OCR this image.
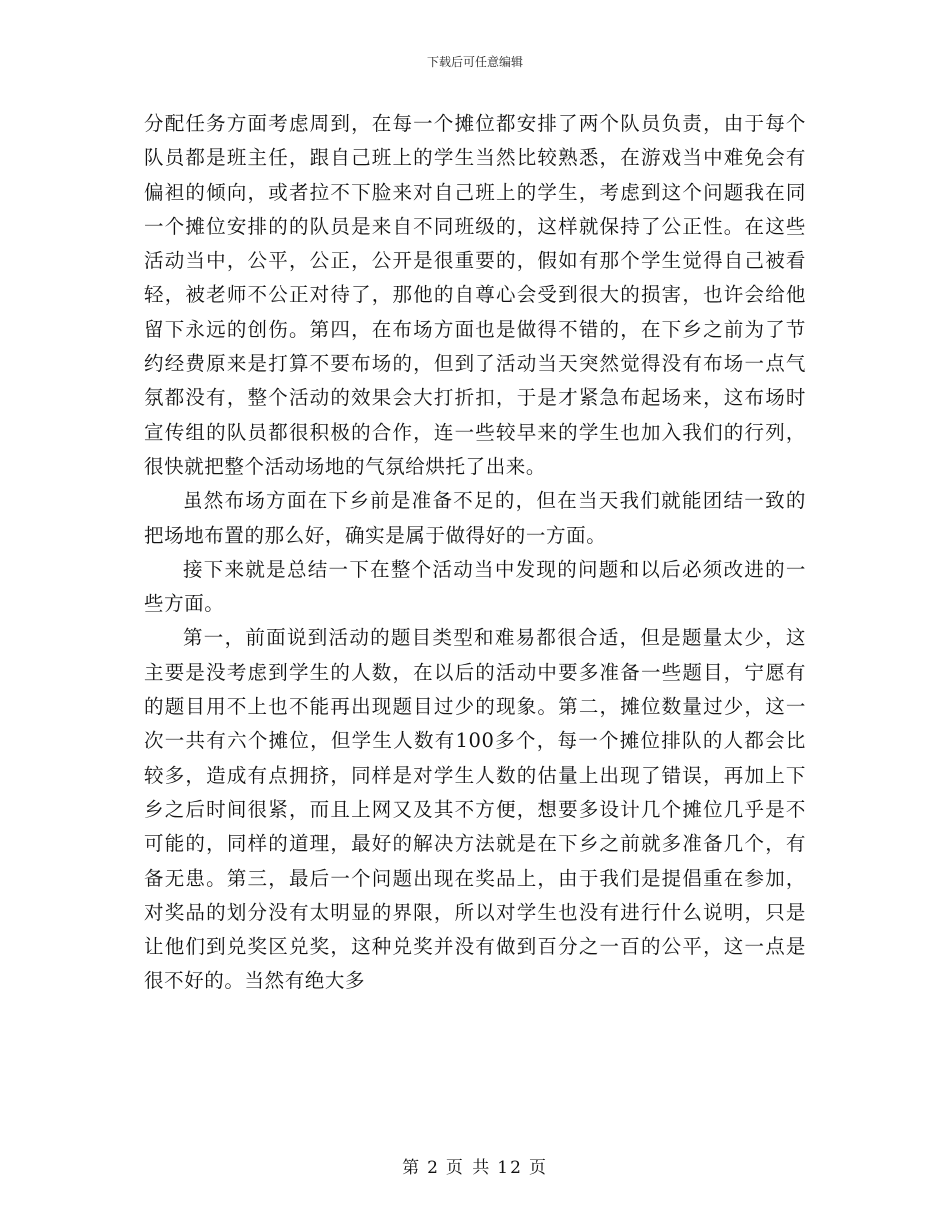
下载后可任意编辑

分配任务方面考虑周到，在每一个摊位都安排了两个队员负责，由于每个队员都是班主任，跟自己班上的学生当然比较熟悉，在游戏当中难免会有偏袒的倾向，或者拉不下脸来对自己班上的学生，考虑到这个问题我在同一个摊位安排的的队员是来自不同班级的，这样就保持了公正性。在这些活动当中，公平，公正，公开是很重要的，假如有那个学生觉得自己被看轻，被老师不公正对待了，那他的自尊心会受到很大的损害，也许会给他留下永远的创伤。第四，在布场方面也是做得不错的，在下乡之前为了节约经费原来是打算不要布场的，但到了活动当天突然觉得没有布场一点气氛都没有，整个活动的效果会大打折扣，于是才紧急布起场来，这布场时宣传组的队员都很积极的合作，连一些较早来的学生也加入我们的行列，很快就把整个活动场地的气氛给烘托了出来。

虽然布场方面在下乡前是准备不足的，但在当天我们就能团结一致的把场地布置的那么好，确实是属于做得好的一方面。

接下来就是总结一下在整个活动当中发现的问题和以后必须改进的一些方面。

第一，前面说到活动的题目类型和难易都很合适，但是题量太少，这主要是没考虑到学生的人数，在以后的活动中要多准备一些题目，宁愿有的题目用不上也不能再出现题目过少的现象。第二，摊位数量过少，这一次一共有六个摊位，但学生人数有100多个，每一个摊位排队的人都会比较多，造成有点拥挤，同样是对学生人数的估量上出现了错误，再加上下乡之后时间很紧，而且上网又及其不方便，想要多设计几个摊位几乎是不可能的，同样的道理，最好的解决方法就是在下乡之前就多准备几个，有备无患。第三，最后一个问题出现在奖品上，由于我们是提倡重在参加，对奖品的划分没有太明显的界限，所以对学生也没有进行什么说明，只是让他们到兑奖区兑奖，这种兑奖并没有做到百分之一百的公平，这一点是很不好的。当然有绝大多

第 2 页 共 12 页
